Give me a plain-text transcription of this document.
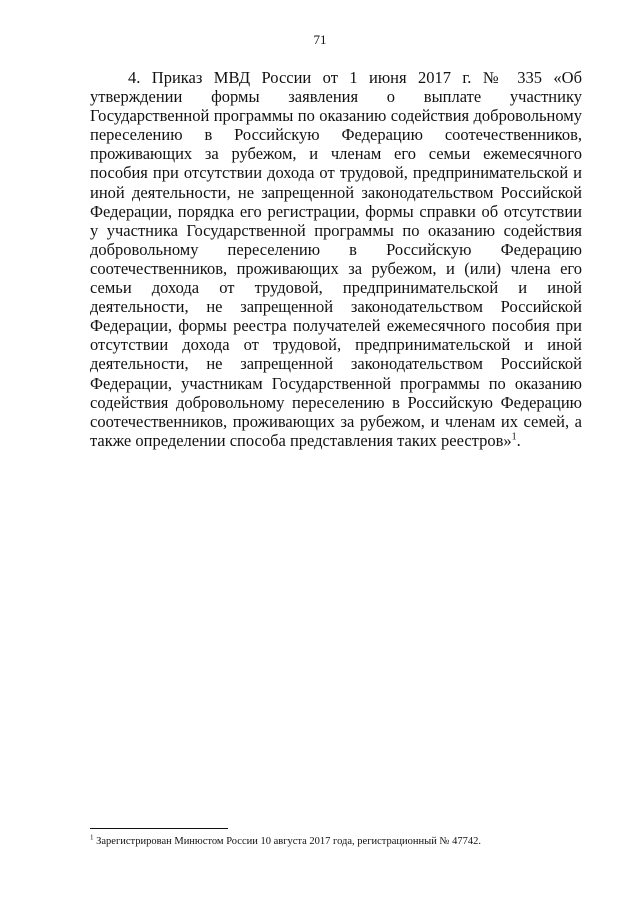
71

4. Приказ МВД России от 1 июня 2017 г. № 335 «Об утверждении формы заявления о выплате участнику Государственной программы по оказанию содействия добровольному переселению в Российскую Федерацию соотечественников, проживающих за рубежом, и членам его семьи ежемесячного пособия при отсутствии дохода от трудовой, предпринимательской и иной деятельности, не запрещенной законодательством Российской Федерации, порядка его регистрации, формы справки об отсутствии у участника Государственной программы по оказанию содействия добровольному переселению в Российскую Федерацию соотечественников, проживающих за рубежом, и (или) члена его семьи дохода от трудовой, предпринимательской и иной деятельности, не запрещенной законодательством Российской Федерации, формы реестра получателей ежемесячного пособия при отсутствии дохода от трудовой, предпринимательской и иной деятельности, не запрещенной законодательством Российской Федерации, участникам Государственной программы по оказанию содействия добровольному переселению в Российскую Федерацию соотечественников, проживающих за рубежом, и членам их семей, а также определении способа представления таких реестров»$^1$.

$^1$ Зарегистрирован Минюстом России 10 августа 2017 года, регистрационный № 47742.
